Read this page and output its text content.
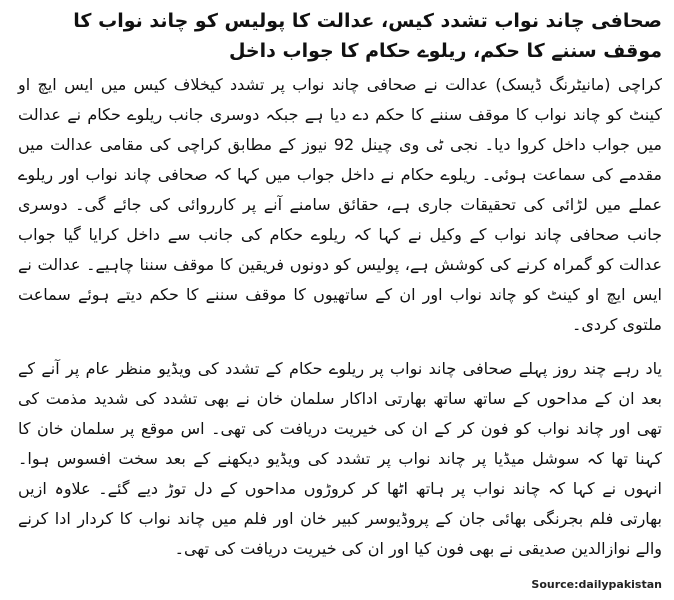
صحافی چاند نواب تشدد کیس، عدالت کا پولیس کو چاند نواب کا موقف سننے کا حکم، ریلوے حکام کا جواب داخل

کراچی (مانیٹرنگ ڈیسک) عدالت نے صحافی چاند نواب پر تشدد کیخلاف کیس میں ایس ایچ او کینٹ کو چاند نواب کا موقف سننے کا حکم دے دیا ہے جبکہ دوسری جانب ریلوے حکام نے عدالت میں جواب داخل کروا دیا۔ نجی ٹی وی چینل 92 نیوز کے مطابق کراچی کی مقامی عدالت میں مقدمے کی سماعت ہوئی۔ ریلوے حکام نے داخل جواب میں کہا کہ صحافی چاند نواب اور ریلوے عملے میں لڑائی کی تحقیقات جاری ہے، حقائق سامنے آنے پر کارروائی کی جائے گی۔ دوسری جانب صحافی چاند نواب کے وکیل نے کہا کہ ریلوے حکام کی جانب سے داخل کرایا گیا جواب عدالت کو گمراہ کرنے کی کوشش ہے، پولیس کو دونوں فریقین کا موقف سننا چاہیے۔ عدالت نے ایس ایچ او کینٹ کو چاند نواب اور ان کے ساتھیوں کا موقف سننے کا حکم دیتے ہوئے سماعت ملتوی کردی۔

یاد رہے چند روز پہلے صحافی چاند نواب پر ریلوے حکام کے تشدد کی ویڈیو منظر عام پر آنے کے بعد ان کے مداحوں کے ساتھ ساتھ بھارتی اداکار سلمان خان نے بھی تشدد کی شدید مذمت کی تھی اور چاند نواب کو فون کر کے ان کی خیریت دریافت کی تھی۔ اس موقع پر سلمان خان کا کہنا تھا کہ سوشل میڈیا پر چاند نواب پر تشدد کی ویڈیو دیکھنے کے بعد سخت افسوس ہوا۔ انہوں نے کہا کہ چاند نواب پر ہاتھ اٹھا کر کروڑوں مداحوں کے دل توڑ دیے گئے۔ علاوہ ازیں بھارتی فلم بجرنگی بھائی جان کے پروڈیوسر کبیر خان اور فلم میں چاند نواب کا کردار ادا کرنے والے نوازالدین صدیقی نے بھی فون کیا اور ان کی خیریت دریافت کی تھی۔

Source:dailypakistan
